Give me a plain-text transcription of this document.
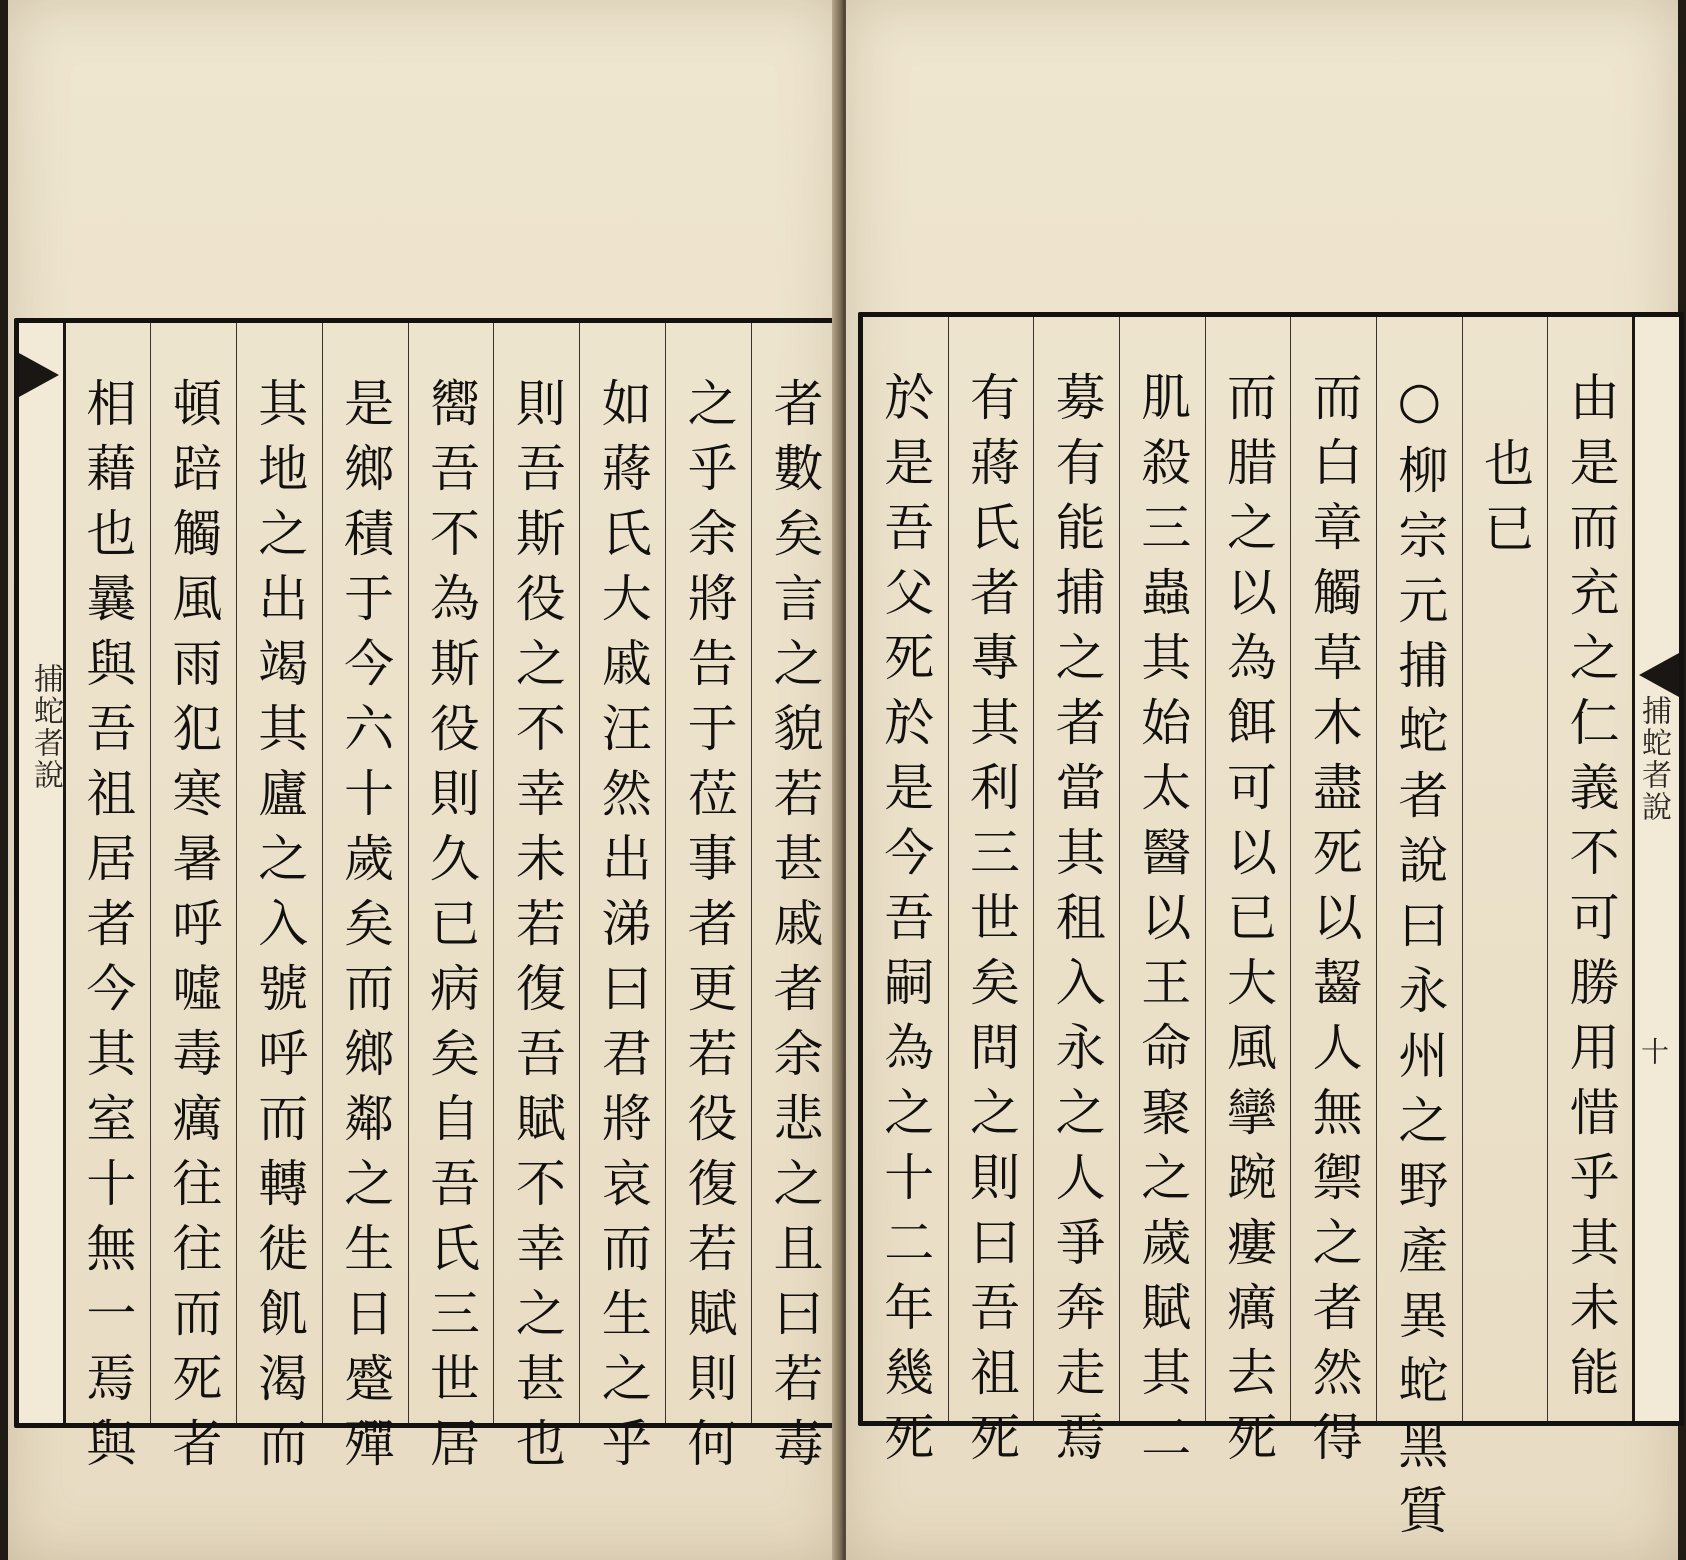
捕蛇者說	者數矣言之貌若甚戚者余悲之且曰若毒
之乎余將告于莅事者更若役復若賦則何
如蔣氏大戚汪然出涕曰君將哀而生之乎
則吾斯役之不幸未若復吾賦不幸之甚也
嚮吾不為斯役則久已病矣自吾氏三世居
是鄉積于今六十歲矣而鄉鄰之生日蹙殫
其地之出竭其廬之入號呼而轉徙飢渴而
頓踣觸風雨犯寒暑呼噓毒癘往往而死者
相藉也曩與吾祖居者今其室十無一焉與	捕蛇者說
十
由是而充之仁義不可勝用惜乎其未能
也已
○柳宗元捕蛇者說曰永州之野產異蛇黑質
而白章觸草木盡死以齧人無禦之者然得
而腊之以為餌可以已大風攣踠瘻癘去死
肌殺三蟲其始太醫以王命聚之歲賦其二
募有能捕之者當其租入永之人爭奔走焉
有蔣氏者專其利三世矣問之則曰吾祖死
於是吾父死於是今吾嗣為之十二年幾死
